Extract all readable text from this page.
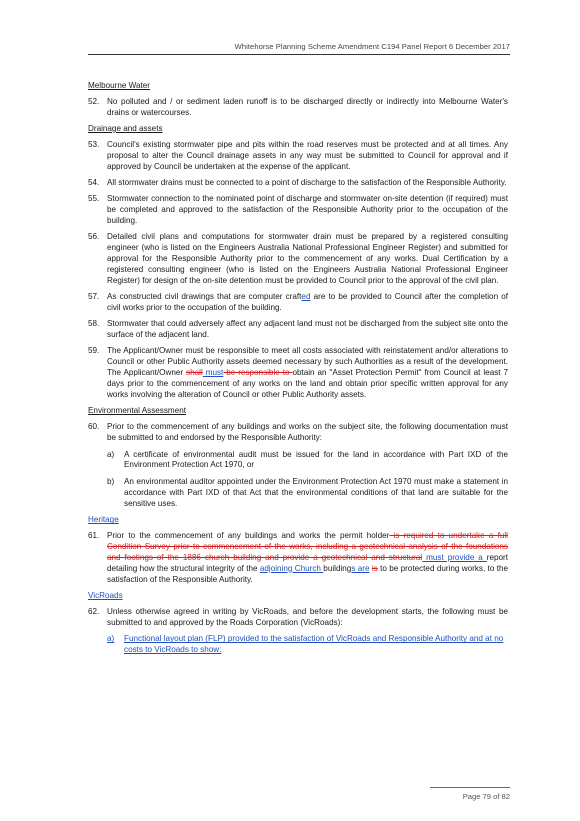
Whitehorse Planning Scheme Amendment C194 Panel Report 6 December 2017
Melbourne Water
52. No polluted and / or sediment laden runoff is to be discharged directly or indirectly into Melbourne Water's drains or watercourses.
Drainage and assets
53. Council's existing stormwater pipe and pits within the road reserves must be protected and at all times. Any proposal to alter the Council drainage assets in any way must be submitted to Council for approval and if approved by Council be undertaken at the expense of the applicant.
54. All stormwater drains must be connected to a point of discharge to the satisfaction of the Responsible Authority.
55. Stormwater connection to the nominated point of discharge and stormwater on-site detention (if required) must be completed and approved to the satisfaction of the Responsible Authority prior to the occupation of the building.
56. Detailed civil plans and computations for stormwater drain must be prepared by a registered consulting engineer (who is listed on the Engineers Australia National Professional Engineer Register) and submitted for approval for the Responsible Authority prior to the commencement of any works. Dual Certification by a registered consulting engineer (who is listed on the Engineers Australia National Professional Engineer Register) for design of the on-site detention must be provided to Council prior to the approval of the civil plan.
57. As constructed civil drawings that are computer crafted are to be provided to Council after the completion of civil works prior to the occupation of the building.
58. Stormwater that could adversely affect any adjacent land must not be discharged from the subject site onto the surface of the adjacent land.
59. The Applicant/Owner must be responsible to meet all costs associated with reinstatement and/or alterations to Council or other Public Authority assets deemed necessary by such Authorities as a result of the development. The Applicant/Owner shall must be responsible to obtain an "Asset Protection Permit" from Council at least 7 days prior to the commencement of any works on the land and obtain prior specific written approval for any works involving the alteration of Council or other Public Authority assets.
Environmental Assessment
60. Prior to the commencement of any buildings and works on the subject site, the following documentation must be submitted to and endorsed by the Responsible Authority:
a)	A certificate of environmental audit must be issued for the land in accordance with Part IXD of the Environment Protection Act 1970, or
b)	An environmental auditor appointed under the Environment Protection Act 1970 must make a statement in accordance with Part IXD of that Act that the environmental conditions of that land are suitable for the sensitive uses.
Heritage
61. Prior to the commencement of any buildings and works the permit holder is required to undertake a full Condition Survey prior to commencement of the works, including a geotechnical analysis of the foundations and footings of the 1886 church building and provide a geotechnical and structural must provide a report detailing how the structural integrity of the adjoining Church buildings are is to be protected during works, to the satisfaction of the Responsible Authority.
VicRoads
62. Unless otherwise agreed in writing by VicRoads, and before the development starts, the following must be submitted to and approved by the Roads Corporation (VicRoads):
a)	Functional layout plan (FLP) provided to the satisfaction of VicRoads and Responsible Authority and at no costs to VicRoads to show:
Page 79 of 82
